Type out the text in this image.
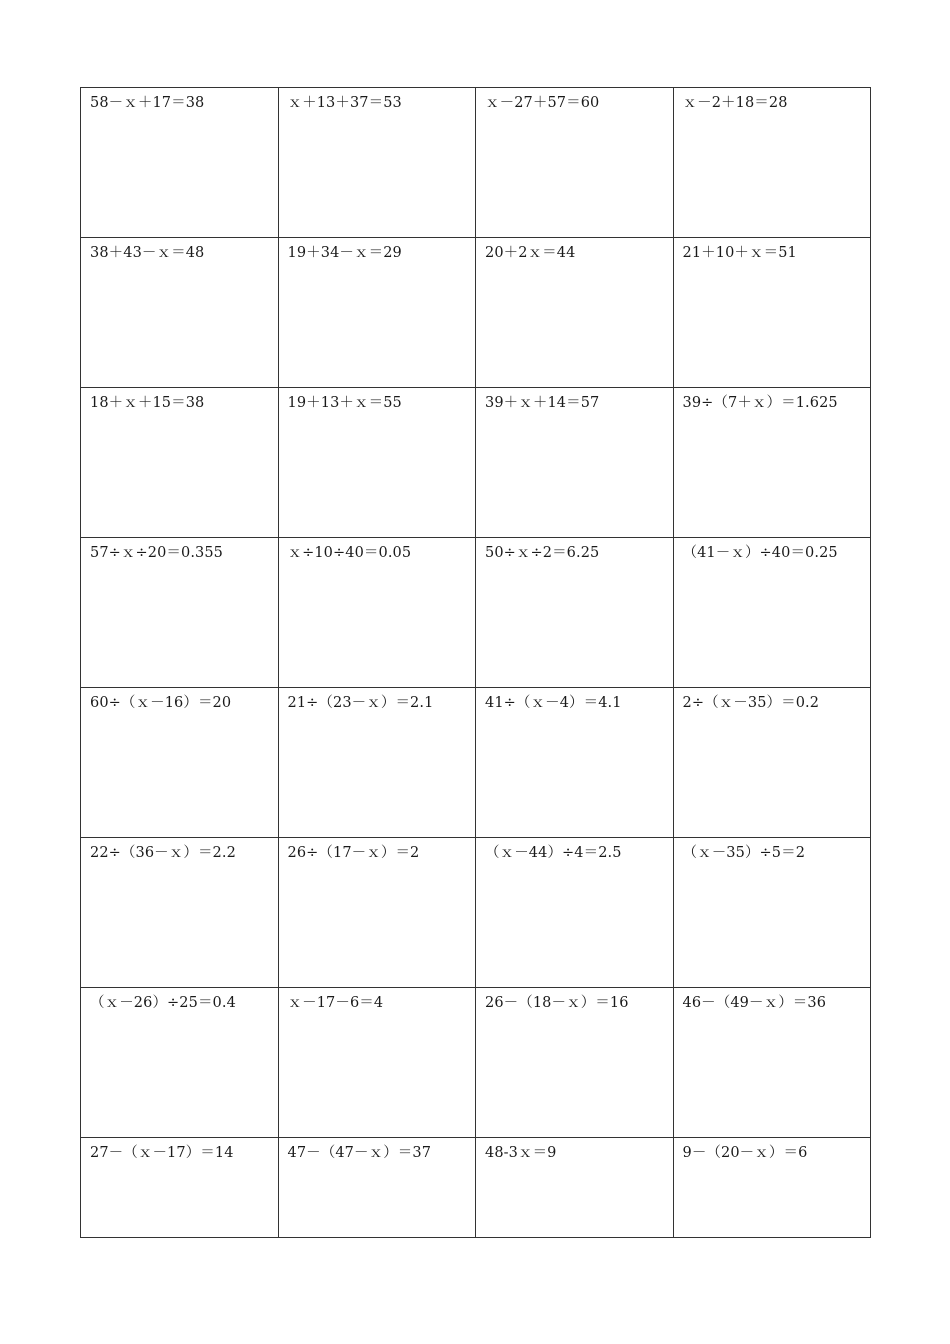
58－ｘ＋17＝38	ｘ＋13＋37＝53	ｘ－27＋57＝60	ｘ－2＋18＝28
38＋43－ｘ＝48	19＋34－ｘ＝29	20＋2ｘ＝44	21＋10＋ｘ＝51
18＋ｘ＋15＝38	19＋13＋ｘ＝55	39＋ｘ＋14＝57	39÷（7＋ｘ）＝1.625
57÷ｘ÷20＝0.355	ｘ÷10÷40＝0.05	50÷ｘ÷2＝6.25	（41－ｘ）÷40＝0.25
60÷（ｘ－16）＝20	21÷（23－ｘ）＝2.1	41÷（ｘ－4）＝4.1	2÷（ｘ－35）＝0.2
22÷（36－ｘ）＝2.2	26÷（17－ｘ）＝2	（ｘ－44）÷4＝2.5	（ｘ－35）÷5＝2
（ｘ－26）÷25＝0.4	ｘ－17－6＝4	26－（18－ｘ）＝16	46－（49－ｘ）＝36
27－（ｘ－17）＝14	47－（47－ｘ）＝37	48-3ｘ＝9	9－（20－ｘ）＝6
